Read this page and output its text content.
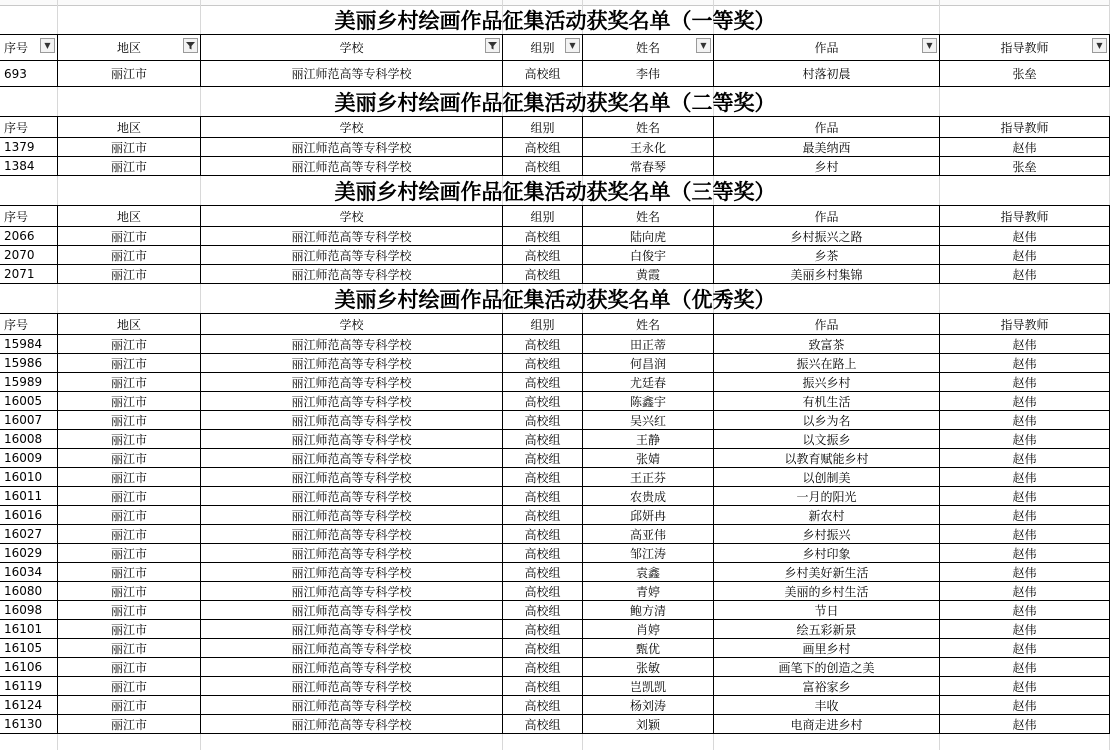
美丽乡村绘画作品征集活动获奖名单（一等奖）
序号	▼	地区	学校	组别	▼	姓名	▼	作品	▼	指导教师	▼
693	丽江市	丽江师范高等专科学校	高校组	李伟	村落初晨	张垒
美丽乡村绘画作品征集活动获奖名单（二等奖）
序号	地区	学校	组别	姓名	作品	指导教师
1379	丽江市	丽江师范高等专科学校	高校组	王永化	最美纳西	赵伟
1384	丽江市	丽江师范高等专科学校	高校组	常春琴	乡村	张垒
美丽乡村绘画作品征集活动获奖名单（三等奖）
序号	地区	学校	组别	姓名	作品	指导教师
2066	丽江市	丽江师范高等专科学校	高校组	陆向虎	乡村振兴之路	赵伟
2070	丽江市	丽江师范高等专科学校	高校组	白俊宇	乡茶	赵伟
2071	丽江市	丽江师范高等专科学校	高校组	黄霞	美丽乡村集锦	赵伟
美丽乡村绘画作品征集活动获奖名单（优秀奖）
序号	地区	学校	组别	姓名	作品	指导教师
15984	丽江市	丽江师范高等专科学校	高校组	田正蒂	致富茶	赵伟
15986	丽江市	丽江师范高等专科学校	高校组	何昌润	振兴在路上	赵伟
15989	丽江市	丽江师范高等专科学校	高校组	尤廷春	振兴乡村	赵伟
16005	丽江市	丽江师范高等专科学校	高校组	陈鑫宇	有机生活	赵伟
16007	丽江市	丽江师范高等专科学校	高校组	吴兴红	以乡为名	赵伟
16008	丽江市	丽江师范高等专科学校	高校组	王静	以文振乡	赵伟
16009	丽江市	丽江师范高等专科学校	高校组	张婧	以教育赋能乡村	赵伟
16010	丽江市	丽江师范高等专科学校	高校组	王正芬	以创制美	赵伟
16011	丽江市	丽江师范高等专科学校	高校组	农贵成	一月的阳光	赵伟
16016	丽江市	丽江师范高等专科学校	高校组	邱妍冉	新农村	赵伟
16027	丽江市	丽江师范高等专科学校	高校组	高亚伟	乡村振兴	赵伟
16029	丽江市	丽江师范高等专科学校	高校组	邹江涛	乡村印象	赵伟
16034	丽江市	丽江师范高等专科学校	高校组	袁鑫	乡村美好新生活	赵伟
16080	丽江市	丽江师范高等专科学校	高校组	青婷	美丽的乡村生活	赵伟
16098	丽江市	丽江师范高等专科学校	高校组	鲍方清	节日	赵伟
16101	丽江市	丽江师范高等专科学校	高校组	肖婷	绘五彩新景	赵伟
16105	丽江市	丽江师范高等专科学校	高校组	甄优	画里乡村	赵伟
16106	丽江市	丽江师范高等专科学校	高校组	张敏	画笔下的创造之美	赵伟
16119	丽江市	丽江师范高等专科学校	高校组	岂凯凯	富裕家乡	赵伟
16124	丽江市	丽江师范高等专科学校	高校组	杨刘涛	丰收	赵伟
16130	丽江市	丽江师范高等专科学校	高校组	刘颖	电商走进乡村	赵伟
